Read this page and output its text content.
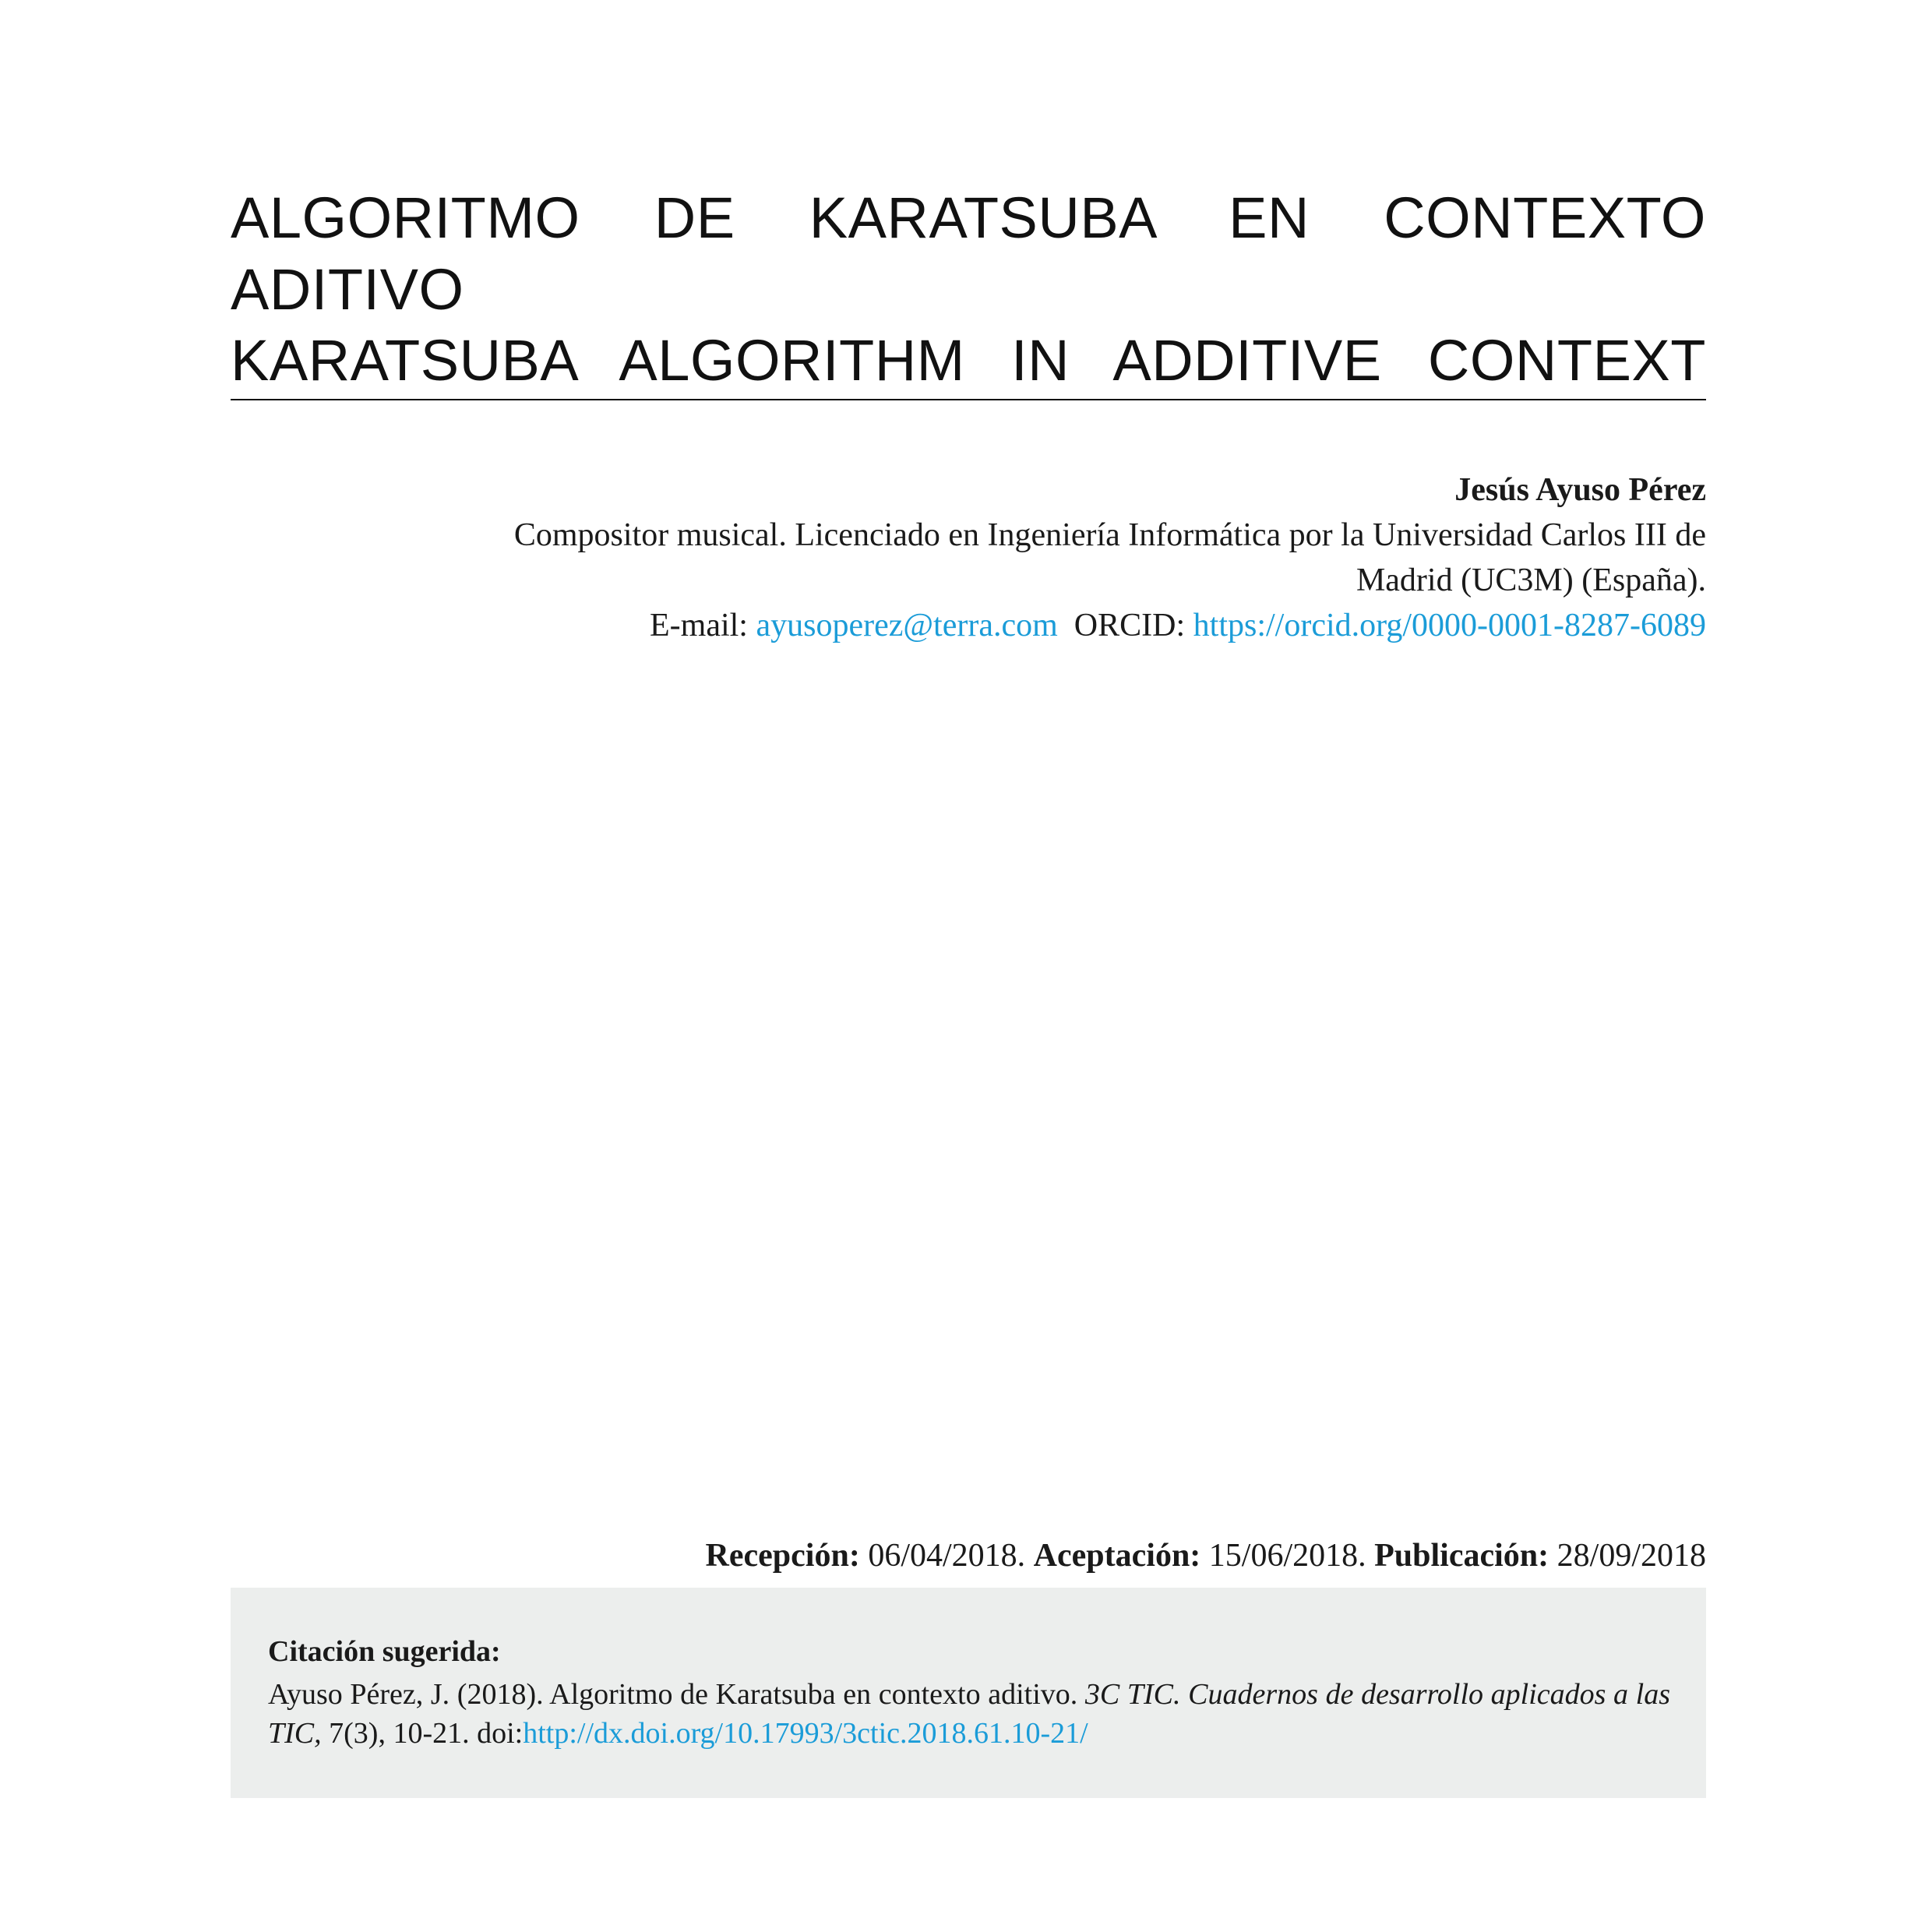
ALGORITMO DE KARATSUBA EN CONTEXTO
ADITIVO
KARATSUBA ALGORITHM IN ADDITIVE CONTEXT
Jesús Ayuso Pérez
Compositor musical. Licenciado en Ingeniería Informática por la Universidad Carlos III de
Madrid (UC3M) (España).
E-mail: ayusoperez@terra.com ORCID: https://orcid.org/0000-0001-8287-6089
Recepción: 06/04/2018. Aceptación: 15/06/2018. Publicación: 28/09/2018
Citación sugerida:
Ayuso Pérez, J. (2018). Algoritmo de Karatsuba en contexto aditivo. 3C TIC. Cuadernos de desarrollo aplicados a las TIC, 7(3), 10-21. doi:http://dx.doi.org/10.17993/3ctic.2018.61.10-21/
